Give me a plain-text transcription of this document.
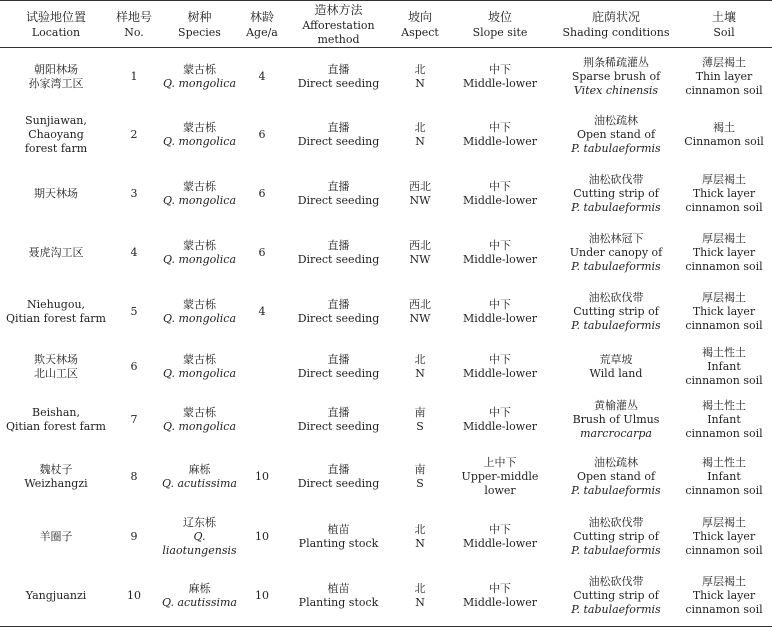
试验地位置
Location	样地号
No.	树种
Species	林龄
Age/a	造林方法
Afforestation method	坡向
Aspect	坡位
Slope site	庇荫状况
Shading conditions	土壤
Soil

朝阳林场
孙家湾工区	1	蒙古栎
Q. mongolica	4	直播
Direct seeding	北
N	中下
Middle-lower	荆条稀疏灌丛
Sparse brush of
Vitex chinensis	薄层褐土
Thin layer
cinnamon soil

Sunjiawan,
Chaoyang
forest farm	2	蒙古栎
Q. mongolica	6	直播
Direct seeding	北
N	中下
Middle-lower	油松疏林
Open stand of
P. tabulaeformis	褐土
Cinnamon soil

期天林场	3	蒙古栎
Q. mongolica	6	直播
Direct seeding	西北
NW	中下
Middle-lower	油松砍伐带
Cutting strip of
P. tabulaeformis	厚层褐土
Thick layer
cinnamon soil

聂虎沟工区	4	蒙古栎
Q. mongolica	6	直播
Direct seeding	西北
NW	中下
Middle-lower	油松林冠下
Under canopy of
P. tabulaeformis	厚层褐土
Thick layer
cinnamon soil

Niehugou,
Qitian forest farm	5	蒙古栎
Q. mongolica	4	直播
Direct seeding	西北
NW	中下
Middle-lower	油松砍伐带
Cutting strip of
P. tabulaeformis	厚层褐土
Thick layer
cinnamon soil

欺天林场
北山工区	6	蒙古栎
Q. mongolica		直播
Direct seeding	北
N	中下
Middle-lower	荒草坡
Wild land	褐土性土
Infant
cinnamon soil

Beishan,
Qitian forest farm	7	蒙古栎
Q. mongolica		直播
Direct seeding	南
S	中下
Middle-lower	黄榆灌丛
Brush of Ulmus
marcrocarpa	褐土性土
Infant
cinnamon soil

魏杖子
Weizhangzi	8	麻栎
Q. acutissima	10	直播
Direct seeding	南
S	上中下
Upper-middle
lower	油松疏林
Open stand of
P. tabulaeformis	褐土性土
Infant
cinnamon soil

羊圈子	9	辽东栎
Q. liaotungensis	10	植苗
Planting stock	北
N	中下
Middle-lower	油松砍伐带
Cutting strip of
P. tabulaeformis	厚层褐土
Thick layer
cinnamon soil

Yangjuanzi	10	麻栎
Q. acutissima	10	植苗
Planting stock	北
N	中下
Middle-lower	油松砍伐带
Cutting strip of
P. tabulaeformis	厚层褐土
Thick layer
cinnamon soil
